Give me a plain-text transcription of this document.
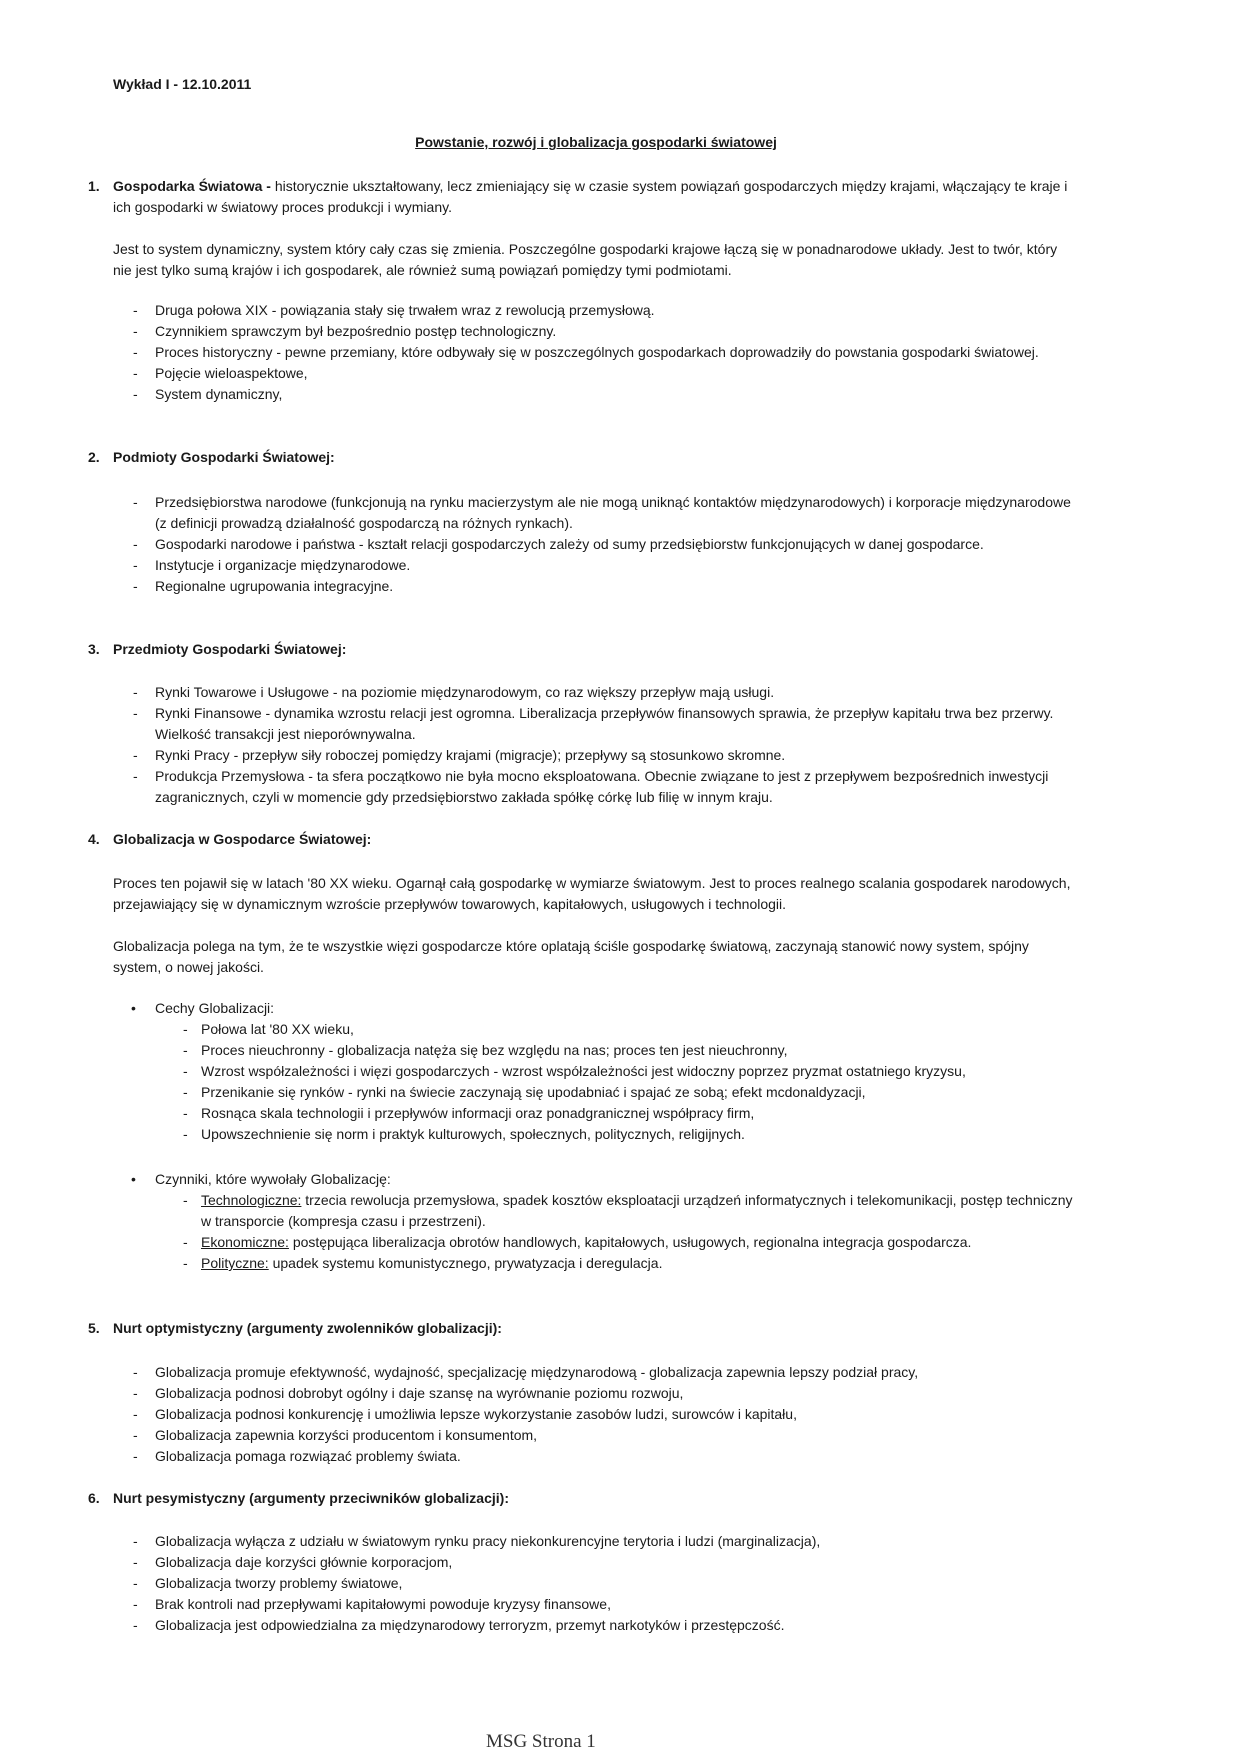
Wykład I - 12.10.2011
Powstanie, rozwój i globalizacja gospodarki światowej
1. Gospodarka Światowa - historycznie ukształtowany, lecz zmieniający się w czasie system powiązań gospodarczych między krajami, włączający te kraje i ich gospodarki w światowy proces produkcji i wymiany.
Jest to system dynamiczny, system który cały czas się zmienia. Poszczególne gospodarki krajowe łączą się w ponadnarodowe układy. Jest to twór, który nie jest tylko sumą krajów i ich gospodarek, ale również sumą powiązań pomiędzy tymi podmiotami.
- Druga połowa XIX - powiązania stały się trwałem wraz z rewolucją przemysłową.
- Czynnikiem sprawczym był bezpośrednio postęp technologiczny.
- Proces historyczny - pewne przemiany, które odbywały się w poszczególnych gospodarkach doprowadziły do powstania gospodarki światowej.
- Pojęcie wieloaspektowe,
- System dynamiczny,
2. Podmioty Gospodarki Światowej:
- Przedsiębiorstwa narodowe (funkcjonują na rynku macierzystym ale nie mogą uniknąć kontaktów międzynarodowych) i korporacje międzynarodowe (z definicji prowadzą działalność gospodarczą na różnych rynkach).
- Gospodarki narodowe i państwa - kształt relacji gospodarczych zależy od sumy przedsiębiorstw funkcjonujących w danej gospodarce.
- Instytucje i organizacje międzynarodowe.
- Regionalne ugrupowania integracyjne.
3. Przedmioty Gospodarki Światowej:
- Rynki Towarowe i Usługowe - na poziomie międzynarodowym, co raz większy przepływ mają usługi.
- Rynki Finansowe - dynamika wzrostu relacji jest ogromna. Liberalizacja przepływów finansowych sprawia, że przepływ kapitału trwa bez przerwy. Wielkość transakcji jest nieporównywalna.
- Rynki Pracy - przepływ siły roboczej pomiędzy krajami (migracje); przepływy są stosunkowo skromne.
- Produkcja Przemysłowa - ta sfera początkowo nie była mocno eksploatowana. Obecnie związane to jest z przepływem bezpośrednich inwestycji zagranicznych, czyli w momencie gdy przedsiębiorstwo zakłada spółkę córkę lub filię w innym kraju.
4. Globalizacja w Gospodarce Światowej:
Proces ten pojawił się w latach '80 XX wieku. Ogarnął całą gospodarkę w wymiarze światowym. Jest to proces realnego scalania gospodarek narodowych, przejawiający się w dynamicznym wzroście przepływów towarowych, kapitałowych, usługowych i technologii.
Globalizacja polega na tym, że te wszystkie więzi gospodarcze które oplatają ściśle gospodarkę światową, zaczynają stanowić nowy system, spójny system, o nowej jakości.
• Cechy Globalizacji:
- Połowa lat '80 XX wieku,
- Proces nieuchronny - globalizacja natęża się bez względu na nas; proces ten jest nieuchronny,
- Wzrost współzależności i więzi gospodarczych - wzrost współzależności jest widoczny poprzez pryzmat ostatniego kryzysu,
- Przenikanie się rynków - rynki na świecie zaczynają się upodabniać i spajać ze sobą; efekt mcdonaldyzacji,
- Rosnąca skala technologii i przepływów informacji oraz ponadgranicznej współpracy firm,
- Upowszechnienie się norm i praktyk kulturowych, społecznych, politycznych, religijnych.
• Czynniki, które wywołały Globalizację:
- Technologiczne: trzecia rewolucja przemysłowa, spadek kosztów eksploatacji urządzeń informatycznych i telekomunikacji, postęp techniczny w transporcie (kompresja czasu i przestrzeni).
- Ekonomiczne: postępująca liberalizacja obrotów handlowych, kapitałowych, usługowych, regionalna integracja gospodarcza.
- Polityczne: upadek systemu komunistycznego, prywatyzacja i deregulacja.
5. Nurt optymistyczny (argumenty zwolenników globalizacji):
- Globalizacja promuje efektywność, wydajność, specjalizację międzynarodową - globalizacja zapewnia lepszy podział pracy,
- Globalizacja podnosi dobrobyt ogólny i daje szansę na wyrównanie poziomu rozwoju,
- Globalizacja podnosi konkurencję i umożliwia lepsze wykorzystanie zasobów ludzi, surowców i kapitału,
- Globalizacja zapewnia korzyści producentom i konsumentom,
- Globalizacja pomaga rozwiązać problemy świata.
6. Nurt pesymistyczny (argumenty przeciwników globalizacji):
- Globalizacja wyłącza z udziału w światowym rynku pracy niekonkurencyjne terytoria i ludzi (marginalizacja),
- Globalizacja daje korzyści głównie korporacjom,
- Globalizacja tworzy problemy światowe,
- Brak kontroli nad przepływami kapitałowymi powoduje kryzysy finansowe,
- Globalizacja jest odpowiedzialna za międzynarodowy terroryzm, przemyt narkotyków i przestępczość.
MSG Strona 1
